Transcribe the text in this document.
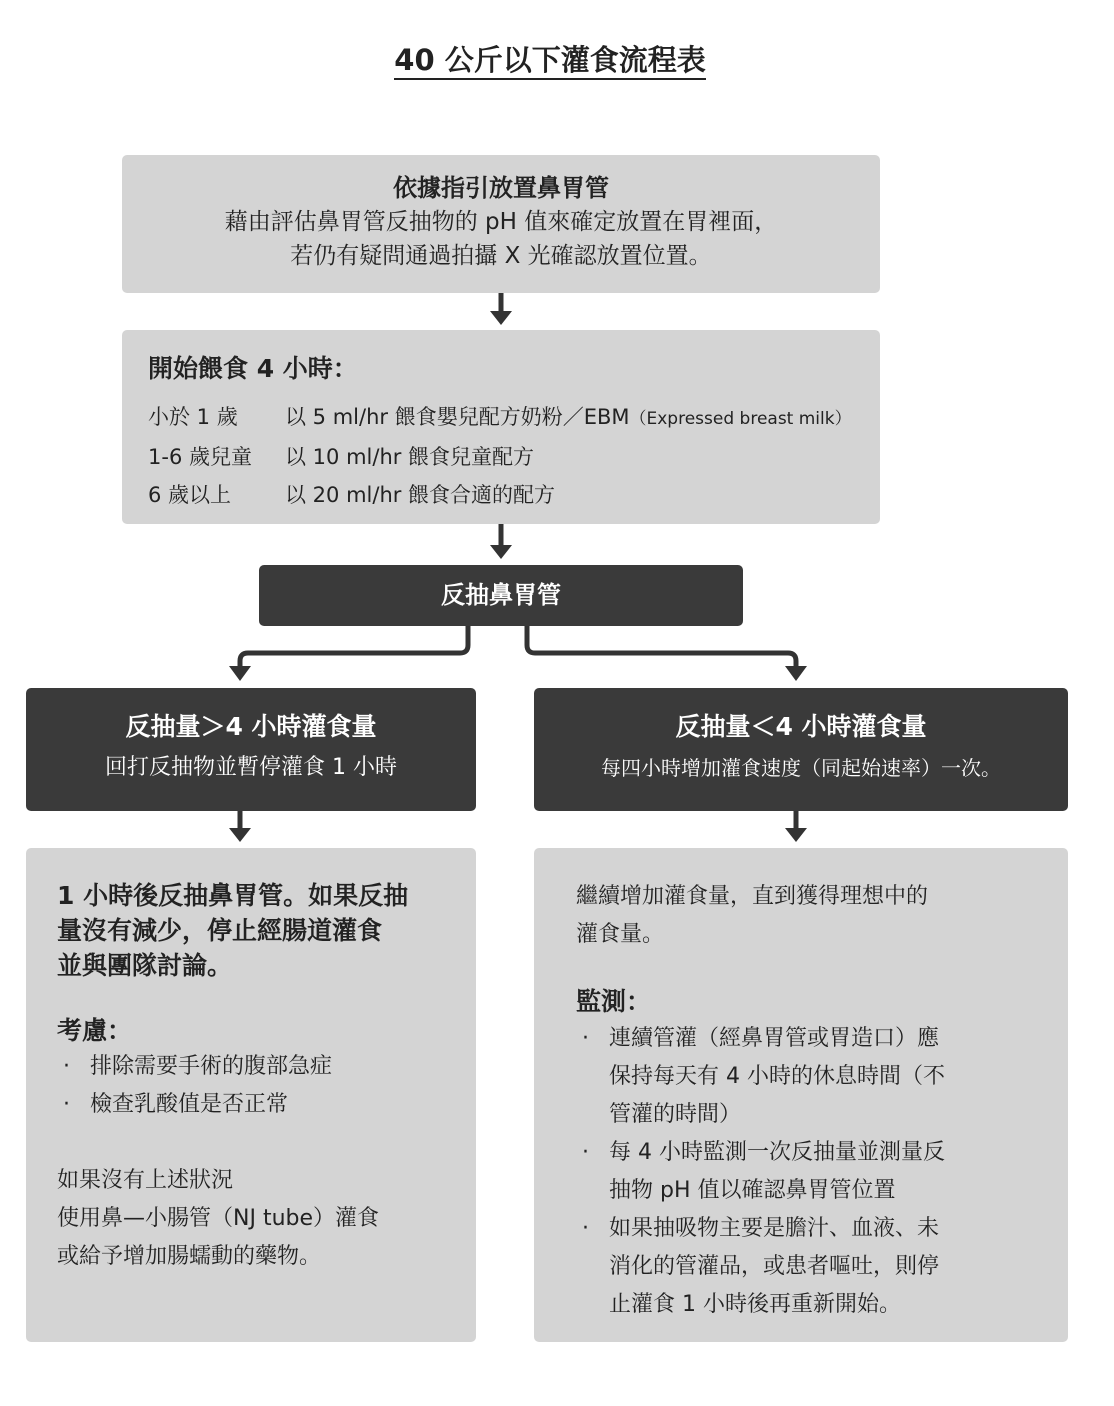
40 公斤以下灌食流程表
依據指引放置鼻胃管
藉由評估鼻胃管反抽物的 pH 值來確定放置在胃裡面，
若仍有疑問通過拍攝 X 光確認放置位置。
開始餵食 4 小時：
小於 1 歲 以 5 ml/hr 餵食嬰兒配方奶粉／EBM（Expressed breast milk）
1-6 歲兒童 以 10 ml/hr 餵食兒童配方
6 歲以上	以 20 ml/hr 餵食合適的配方
反抽鼻胃管
反抽量＞4 小時灌食量
回打反抽物並暫停灌食 1 小時
反抽量＜4 小時灌食量
每四小時增加灌食速度（同起始速率）一次。
1 小時後反抽鼻胃管。如果反抽
量沒有減少，停止經腸道灌食
並與團隊討論。
考慮：
· 排除需要手術的腹部急症
· 檢查乳酸值是否正常
如果沒有上述狀況
使用鼻—小腸管（NJ tube）灌食
或給予增加腸蠕動的藥物。
繼續增加灌食量，直到獲得理想中的
灌食量。
監測：
· 連續管灌（經鼻胃管或胃造口）應
保持每天有 4 小時的休息時間（不
管灌的時間）
· 每 4 小時監測一次反抽量並測量反
抽物 pH 值以確認鼻胃管位置
· 如果抽吸物主要是膽汁、血液、未
消化的管灌品，或患者嘔吐，則停
止灌食 1 小時後再重新開始。
